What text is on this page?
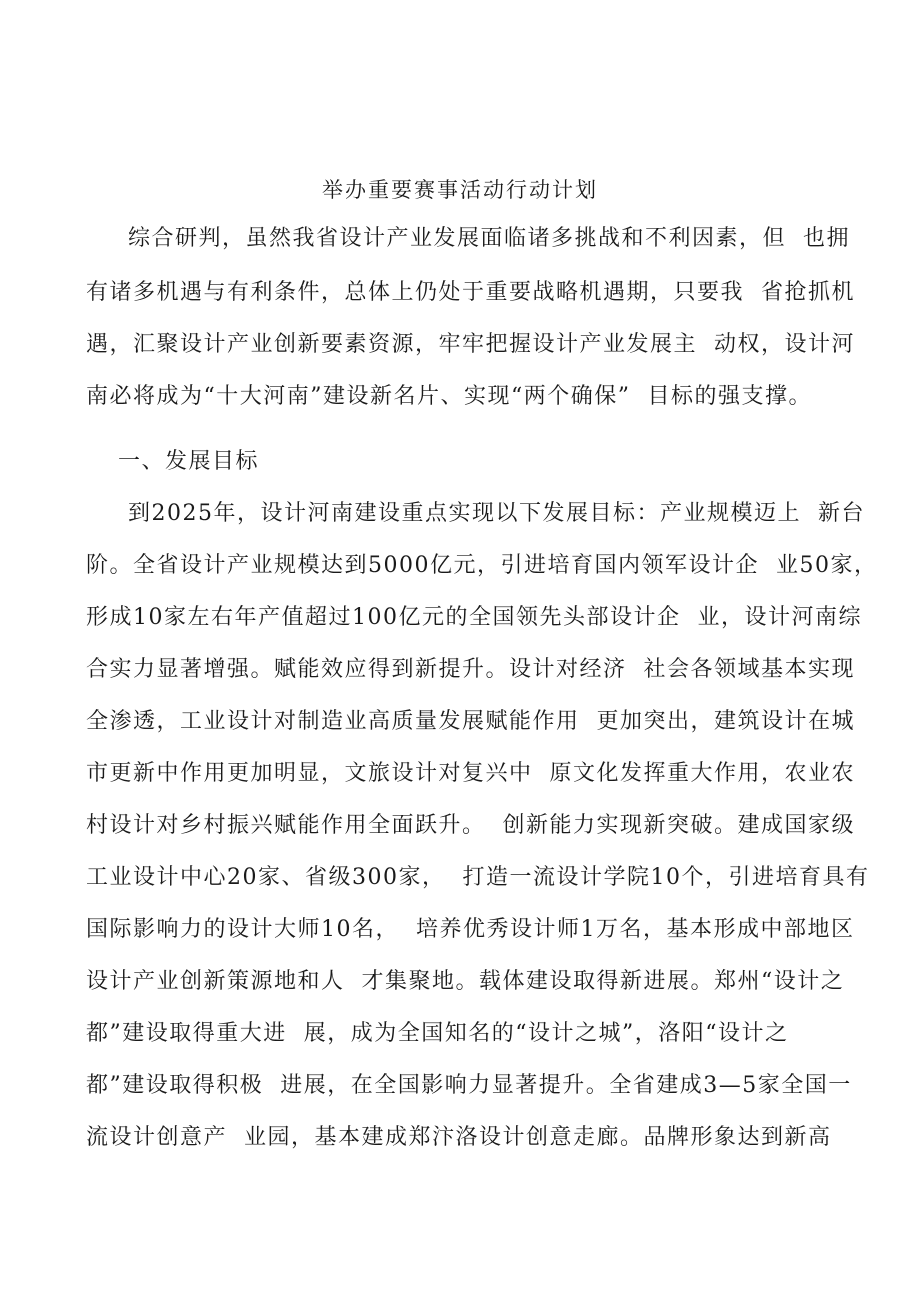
举办重要赛事活动行动计划

综合研判，虽然我省设计产业发展面临诸多挑战和不利因素，但  也拥

有诸多机遇与有利条件，总体上仍处于重要战略机遇期，只要我  省抢抓机

遇，汇聚设计产业创新要素资源，牢牢把握设计产业发展主  动权，设计河

南必将成为“十大河南”建设新名片、实现“两个确保”  目标的强支撑。

一、发展目标

到2025年，设计河南建设重点实现以下发展目标：产业规模迈上  新台

阶。全省设计产业规模达到5000亿元，引进培育国内领军设计企  业50家，

形成10家左右年产值超过100亿元的全国领先头部设计企  业，设计河南综

合实力显著增强。赋能效应得到新提升。设计对经济  社会各领域基本实现

全渗透，工业设计对制造业高质量发展赋能作用  更加突出，建筑设计在城

市更新中作用更加明显，文旅设计对复兴中  原文化发挥重大作用，农业农

村设计对乡村振兴赋能作用全面跃升。  创新能力实现新突破。建成国家级

工业设计中心20家、省级300家，  打造一流设计学院10个，引进培育具有

国际影响力的设计大师10名，  培养优秀设计师1万名，基本形成中部地区

设计产业创新策源地和人  才集聚地。载体建设取得新进展。郑州“设计之

都”建设取得重大进  展，成为全国知名的“设计之城”，洛阳“设计之

都”建设取得积极  进展，在全国影响力显著提升。全省建成3—5家全国一

流设计创意产  业园，基本建成郑汴洛设计创意走廊。品牌形象达到新高
